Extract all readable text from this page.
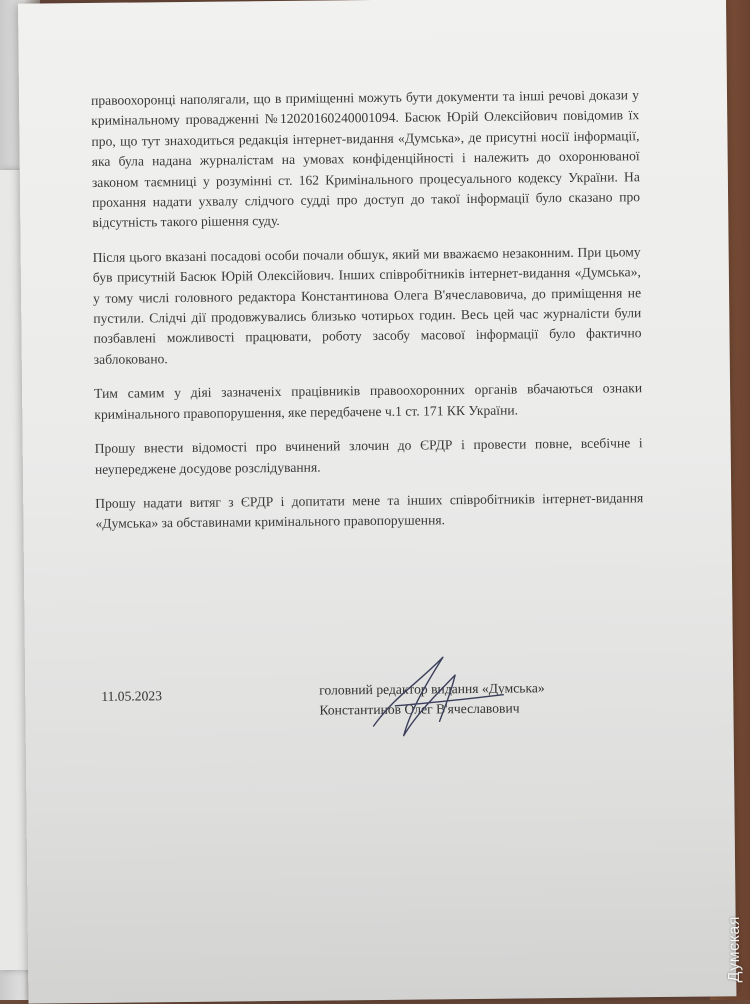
правоохоронці наполягали, що в приміщенні можуть бути документи та інші речові докази у кримінальному провадженні №12020160240001094. Басюк Юрій Олексійович повідомив їх про, що тут знаходиться редакція інтернет-видання «Думська», де присутні носії інформації, яка була надана журналістам на умовах конфіденційності і належить до охоронюваної законом таємниці у розумінні ст. 162 Кримінального процесуального кодексу України. На прохання надати ухвалу слідчого судді про доступ до такої інформації було сказано про відсутність такого рішення суду.

Після цього вказані посадові особи почали обшук, який ми вважаємо незаконним. При цьому був присутній Басюк Юрій Олексійович. Інших співробітників інтернет-видання «Думська», у тому числі головного редактора Константинова Олега В'ячеславовича, до приміщення не пустили. Слідчі дії продовжувались близько чотирьох годин. Весь цей час журналісти були позбавлені можливості працювати, роботу засобу масової інформації було фактично заблоковано.

Тим самим у діяі зазначеніх працівників правоохоронних органів вбачаються ознаки кримінального правопорушення, яке передбачене ч.1 ст. 171 КК України.

Прошу внести відомості про вчинений злочин до ЄРДР і провести повне, всебічне і неупереджене досудове розслідування.

Прошу надати витяг з ЄРДР і допитати мене та інших співробітників інтернет-видання «Думська» за обставинами кримінального правопорушення.

11.05.2023	головний редактор видання «Думська»
Константинов Олег В'ячеславович
Думская
